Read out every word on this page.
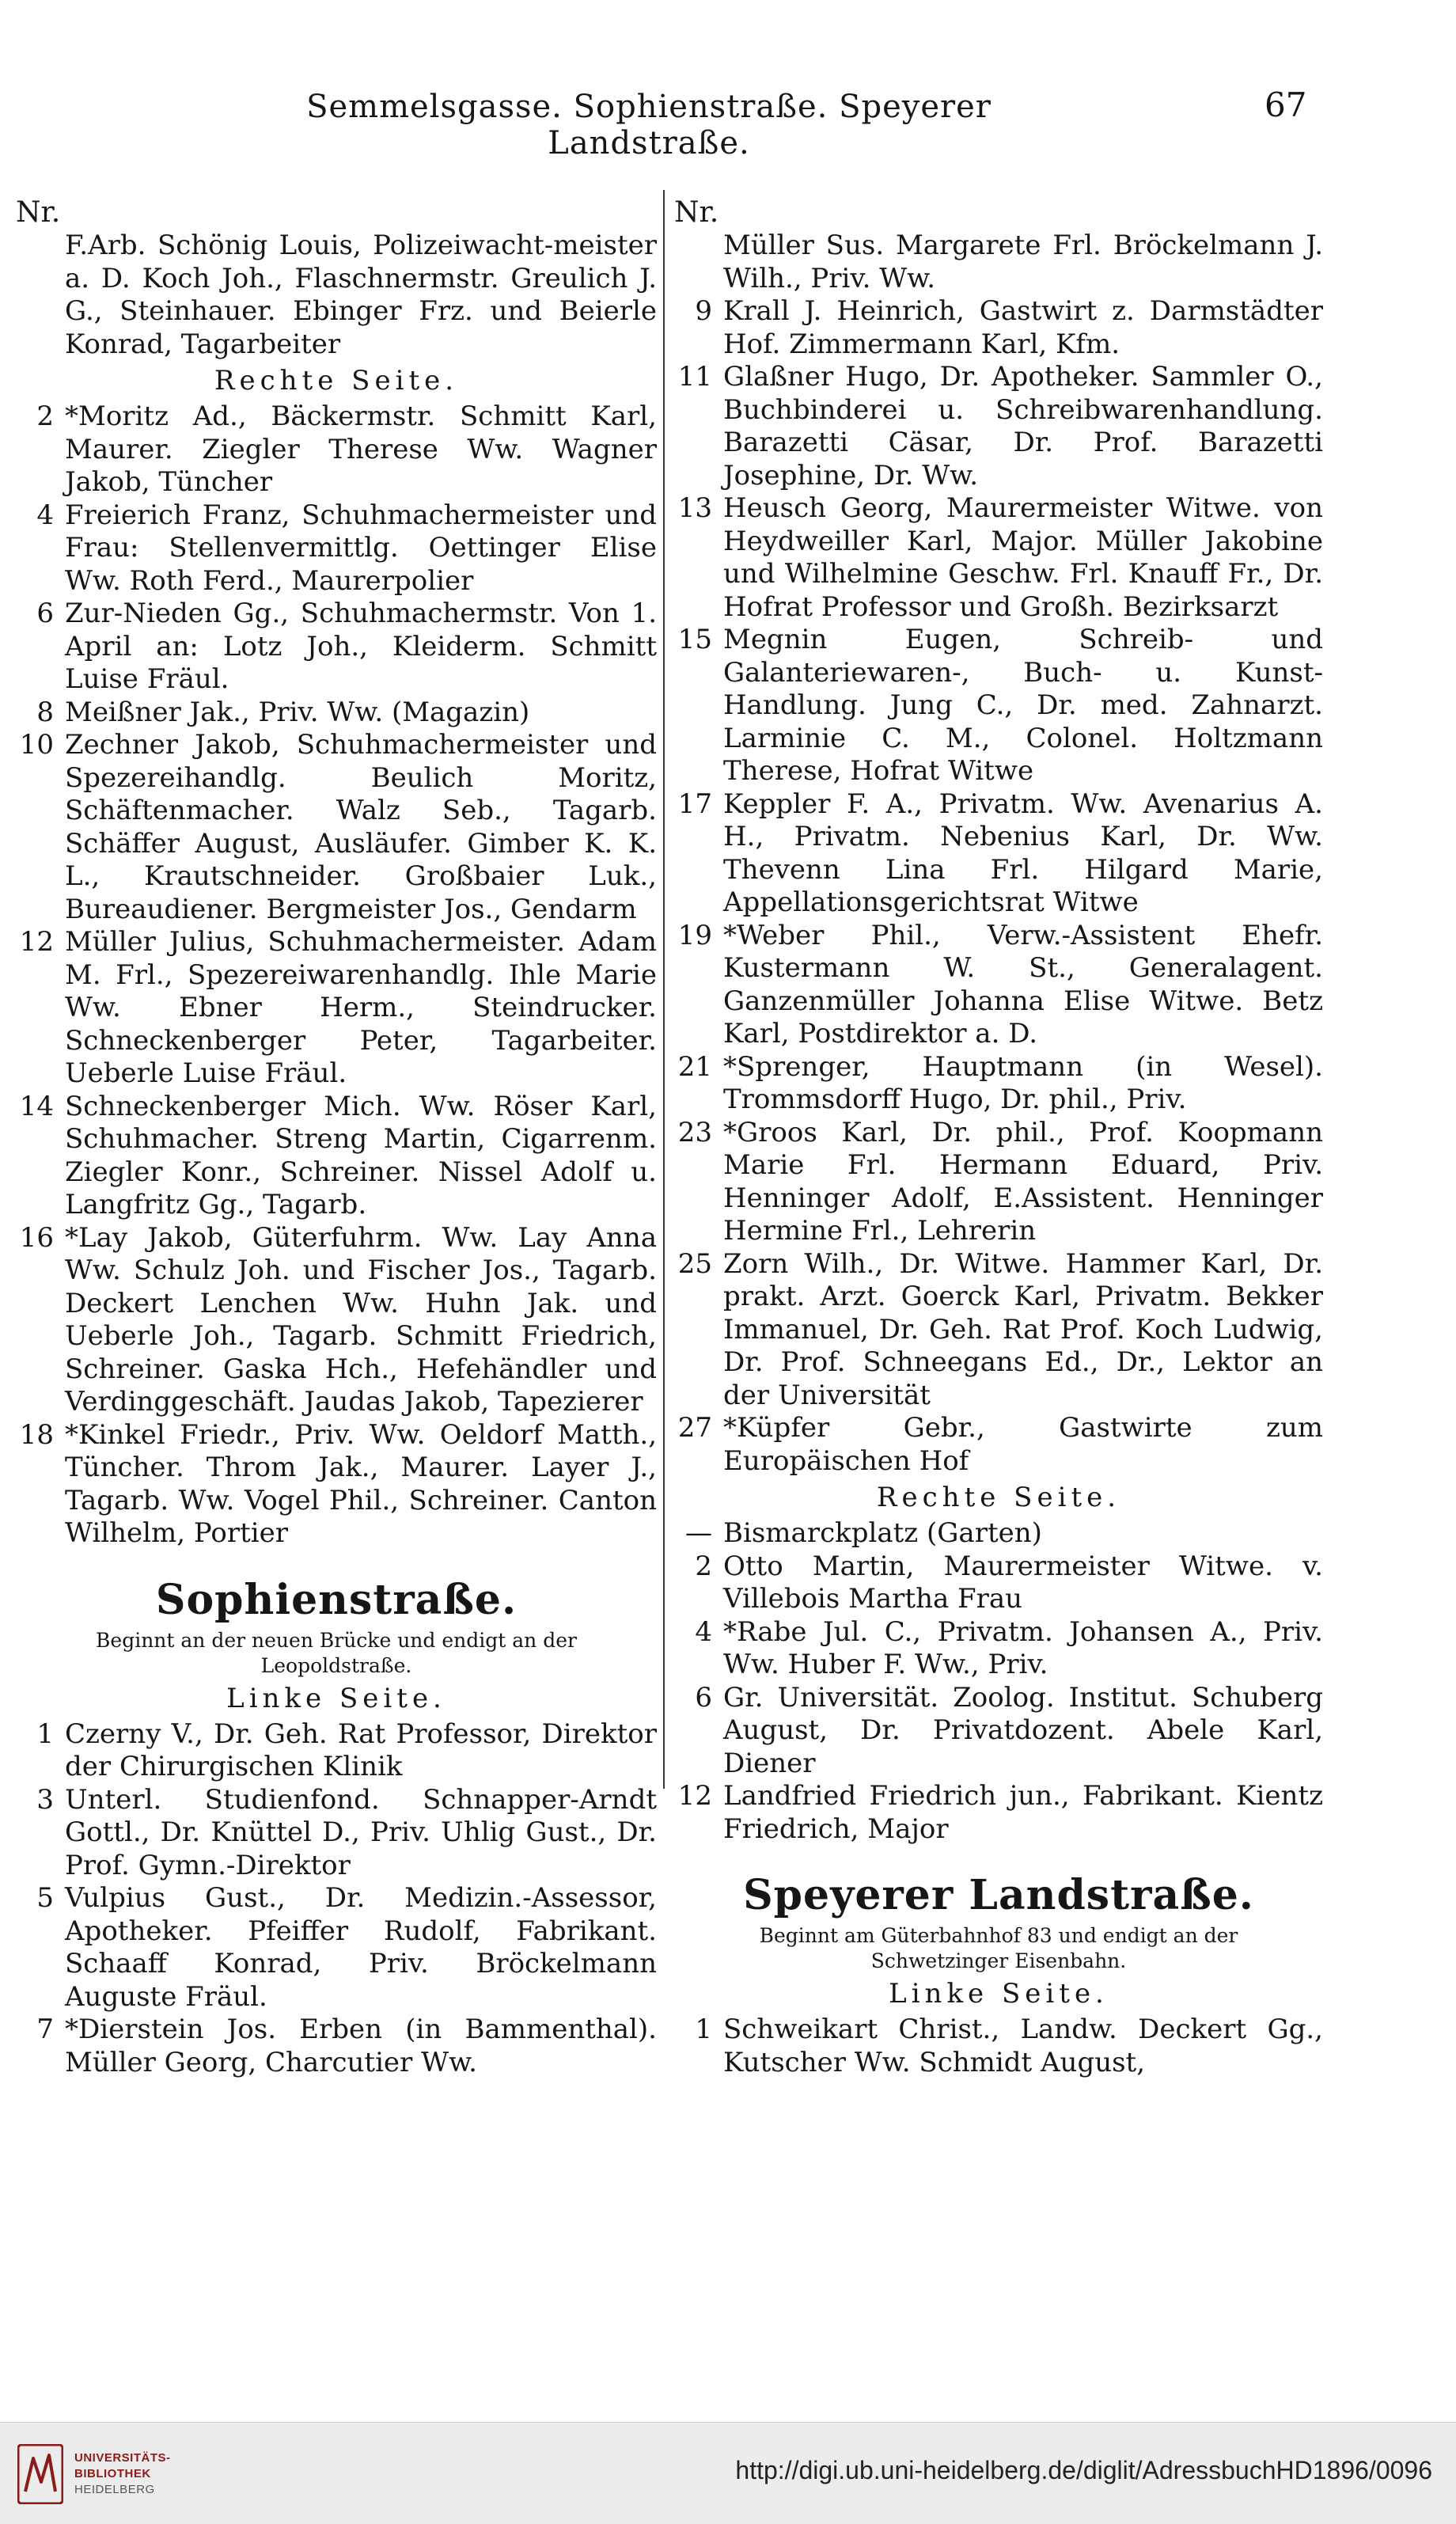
Semmelsgasse. Sophienstraße. Speyerer Landstraße.
67
Nr.
F.Arb. Schönig Louis, Polizeiwacht-meister a. D. Koch Joh., Flaschnermstr. Greulich J. G., Steinhauer. Ebinger Frz. und Beierle Konrad, Tagarbeiter
Rechte Seite.
2 *Moritz Ad., Bäckermstr. Schmitt Karl, Maurer. Ziegler Therese Ww. Wagner Jakob, Tüncher
4 Freierich Franz, Schuhmachermeister und Frau: Stellenvermittlg. Oettinger Elise Ww. Roth Ferd., Maurerpolier
6 Zur-Nieden Gg., Schuhmachermstr. Von 1. April an: Lotz Joh., Kleiderm. Schmitt Luise Fräul.
8 Meißner Jak., Priv. Ww. (Magazin)
10 Zechner Jakob, Schuhmachermeister und Spezereihandlg. Beulich Moritz, Schäftenmacher. Walz Seb., Tagarb. Schäffer August, Ausläufer. Gimber K. K. L., Krautschneider. Großbaier Luk., Bureaudiener. Bergmeister Jos., Gendarm
12 Müller Julius, Schuhmachermeister. Adam M. Frl., Spezereiwarenhandlg. Ihle Marie Ww. Ebner Herm., Steindrucker. Schneckenberger Peter, Tagarbeiter. Ueberle Luise Fräul.
14 Schneckenberger Mich. Ww. Röser Karl, Schuhmacher. Streng Martin, Cigarrenm. Ziegler Konr., Schreiner. Nissel Adolf u. Langfritz Gg., Tagarb.
16 *Lay Jakob, Güterfuhrm. Ww. Lay Anna Ww. Schulz Joh. und Fischer Jos., Tagarb. Deckert Lenchen Ww. Huhn Jak. und Ueberle Joh., Tagarb. Schmitt Friedrich, Schreiner. Gaska Hch., Hefehändler und Verdinggeschäft. Jaudas Jakob, Tapezierer
18 *Kinkel Friedr., Priv. Ww. Oeldorf Matth., Tüncher. Throm Jak., Maurer. Layer J., Tagarb. Ww. Vogel Phil., Schreiner. Canton Wilhelm, Portier
Sophienstraße.
Beginnt an der neuen Brücke und endigt an der Leopoldstraße.
Linke Seite.
1 Czerny V., Dr. Geh. Rat Professor, Direktor der Chirurgischen Klinik
3 Unterl. Studienfond. Schnapper-Arndt Gottl., Dr. Knüttel D., Priv. Uhlig Gust., Dr. Prof. Gymn.-Direktor
5 Vulpius Gust., Dr. Medizin.-Assessor, Apotheker. Pfeiffer Rudolf, Fabrikant. Schaaff Konrad, Priv. Bröckelmann Auguste Fräul.
7 *Dierstein Jos. Erben (in Bammenthal). Müller Georg, Charcutier Ww.
Nr.
Müller Sus. Margarete Frl. Bröckelmann J. Wilh., Priv. Ww.
9 Krall J. Heinrich, Gastwirt z. Darmstädter Hof. Zimmermann Karl, Kfm.
11 Glaßner Hugo, Dr. Apotheker. Sammler O., Buchbinderei u. Schreibwarenhandlung. Barazetti Cäsar, Dr. Prof. Barazetti Josephine, Dr. Ww.
13 Heusch Georg, Maurermeister Witwe. von Heydweiller Karl, Major. Müller Jakobine und Wilhelmine Geschw. Frl. Knauff Fr., Dr. Hofrat Professor und Großh. Bezirksarzt
15 Megnin Eugen, Schreib- und Galanteriewaren-, Buch- u. Kunst-Handlung. Jung C., Dr. med. Zahnarzt. Larminie C. M., Colonel. Holtzmann Therese, Hofrat Witwe
17 Keppler F. A., Privatm. Ww. Avenarius A. H., Privatm. Nebenius Karl, Dr. Ww. Thevenn Lina Frl. Hilgard Marie, Appellationsgerichtsrat Witwe
19 *Weber Phil., Verw.-Assistent Ehefr. Kustermann W. St., Generalagent. Ganzenmüller Johanna Elise Witwe. Betz Karl, Postdirektor a. D.
21 *Sprenger, Hauptmann (in Wesel). Trommsdorff Hugo, Dr. phil., Priv.
23 *Groos Karl, Dr. phil., Prof. Koopmann Marie Frl. Hermann Eduard, Priv. Henninger Adolf, E.Assistent. Henninger Hermine Frl., Lehrerin
25 Zorn Wilh., Dr. Witwe. Hammer Karl, Dr. prakt. Arzt. Goerck Karl, Privatm. Bekker Immanuel, Dr. Geh. Rat Prof. Koch Ludwig, Dr. Prof. Schneegans Ed., Dr., Lektor an der Universität
27 *Küpfer Gebr., Gastwirte zum Europäischen Hof
Rechte Seite.
— Bismarckplatz (Garten)
2 Otto Martin, Maurermeister Witwe. v. Villebois Martha Frau
4 *Rabe Jul. C., Privatm. Johansen A., Priv. Ww. Huber F. Ww., Priv.
6 Gr. Universität. Zoolog. Institut. Schuberg August, Dr. Privatdozent. Abele Karl, Diener
12 Landfried Friedrich jun., Fabrikant. Kientz Friedrich, Major
Speyerer Landstraße.
Beginnt am Güterbahnhof 83 und endigt an der Schwetzinger Eisenbahn.
Linke Seite.
1 Schweikart Christ., Landw. Deckert Gg., Kutscher Ww. Schmidt August,
UNIVERSITÄTS-
BIBLIOTHEK
HEIDELBERG
http://digi.ub.uni-heidelberg.de/diglit/AdressbuchHD1896/0096
